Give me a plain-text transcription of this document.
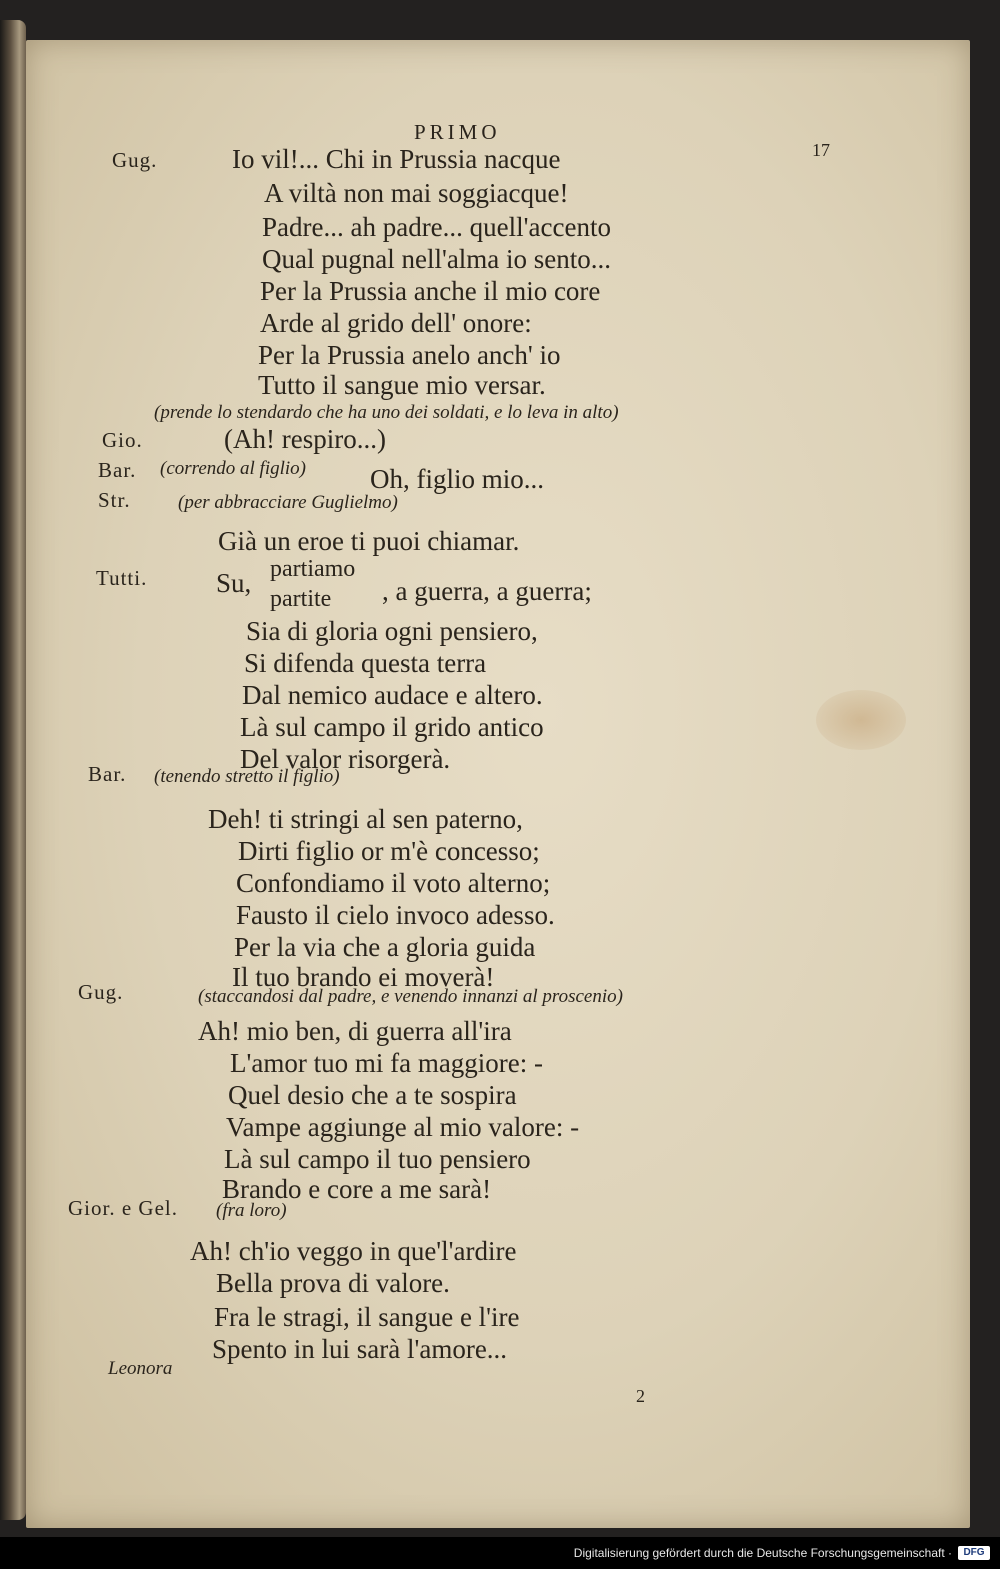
PRIMO
17
Gug.	Io vil!... Chi in Prussia nacque
A viltà non mai soggiacque!
Padre... ah padre... quell'accento
Qual pugnal nell'alma io sento...
Per la Prussia anche il mio core
Arde al grido dell' onore:
Per la Prussia anelo anch' io
Tutto il sangue mio versar.
(prende lo stendardo che ha uno dei soldati, e lo leva in alto)
Gio.	(Ah! respiro...)
Bar. (correndo al figlio) Oh, figlio mio...
Str. (per abbracciare Guglielmo)
Già un eroe ti puoi chiamar.
Tutti.	Su, partiamo
partite , a guerra, a guerra;
Sia di gloria ogni pensiero,
Si difenda questa terra
Dal nemico audace e altero.
Là sul campo il grido antico
Del valor risorgerà.
Bar. (tenendo stretto il figlio)
Deh! ti stringi al sen paterno,
Dirti figlio or m'è concesso;
Confondiamo il voto alterno;
Fausto il cielo invoco adesso.
Per la via che a gloria guida
Il tuo brando ei moverà!
Gug.	(staccandosi dal padre, e venendo innanzi al proscenio)
Ah! mio ben, di guerra all'ira
L'amor tuo mi fa maggiore: -
Quel desio che a te sospira
Vampe aggiunge al mio valore: -
Là sul campo il tuo pensiero
Brando e core a me sarà!
Gior. e Gel. (fra loro)
Ah! ch'io veggo in que'l'ardire
Bella prova di valore.
Fra le stragi, il sangue e l'ire
Spento in lui sarà l'amore...
Leonora
2
Digitalisierung gefördert durch die Deutsche Forschungsgemeinschaft ·	DFG
